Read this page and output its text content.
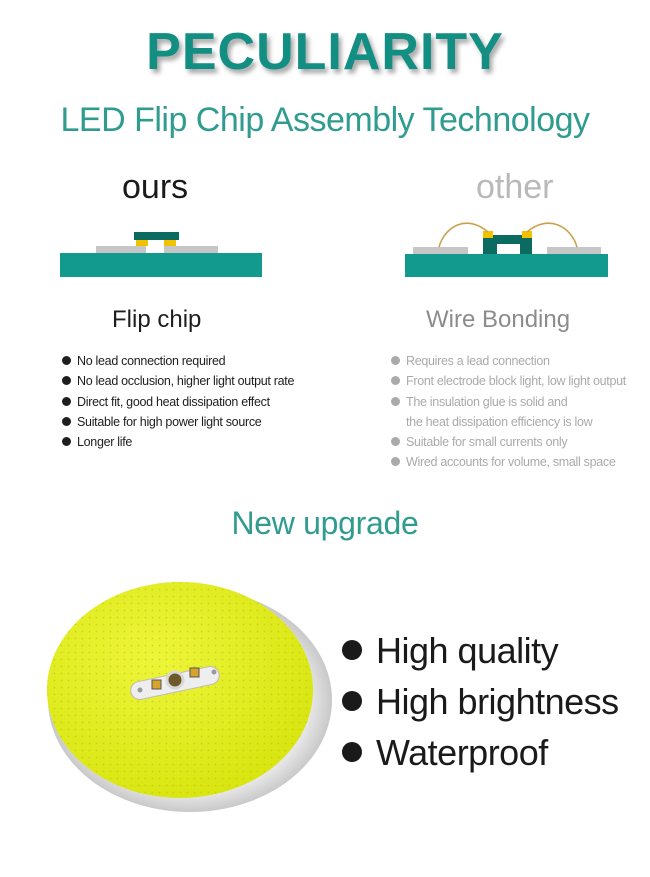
PECULIARITY
LED Flip Chip Assembly Technology
ours	other
Flip chip	Wire Bonding
No lead connection required
No lead occlusion, higher light output rate
Direct fit, good heat dissipation effect
Suitable for high power light source
Longer life
Requires a lead connection
Front electrode block light, low light output
The insulation glue is solid and
the heat dissipation efficiency is low
Suitable for small currents only
Wired accounts for volume, small space
New upgrade
High quality
High brightness
Waterproof
